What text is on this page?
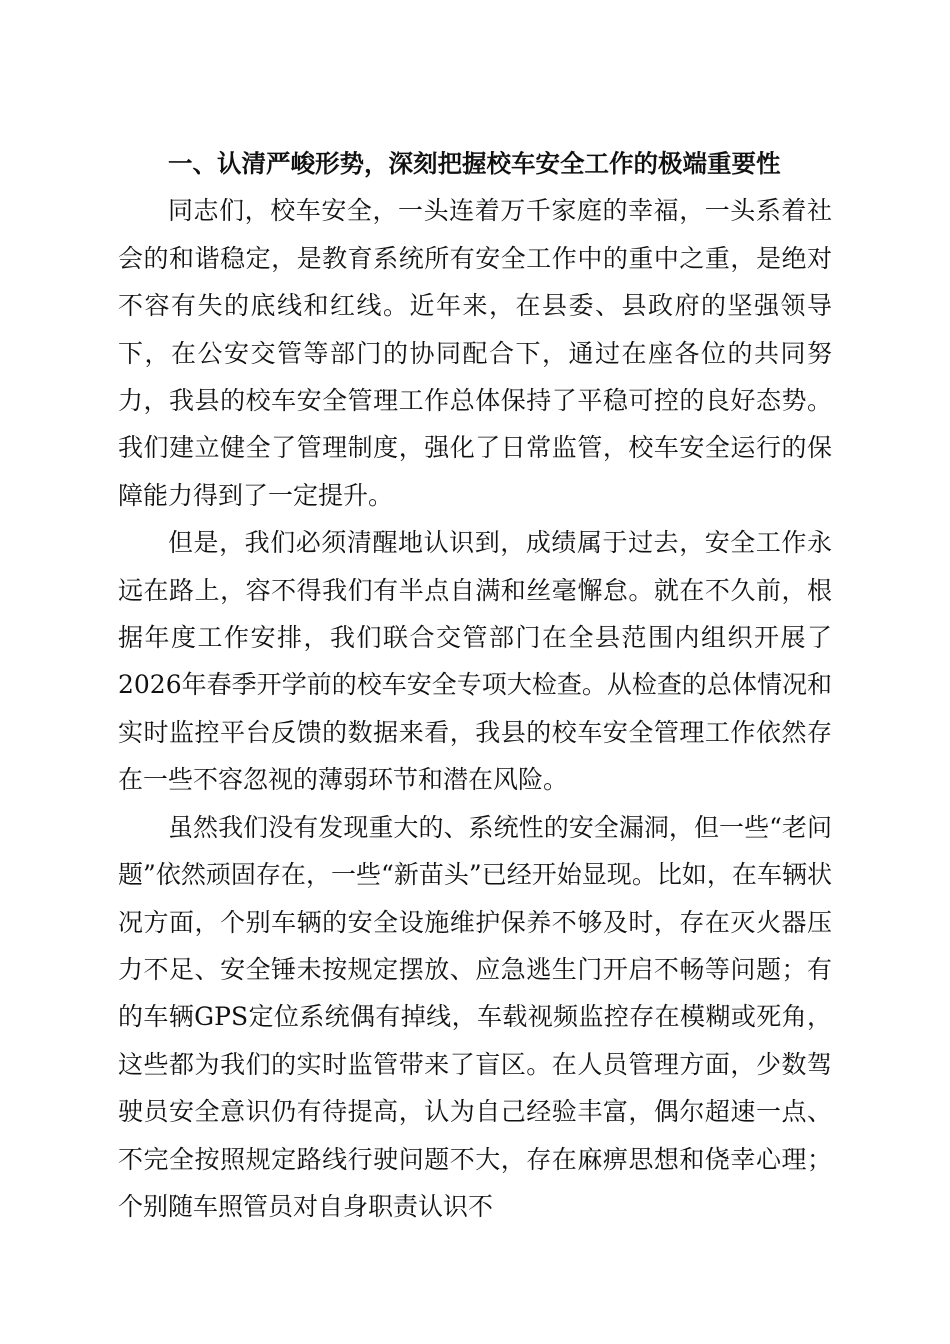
一、认清严峻形势，深刻把握校车安全工作的极端重要性

同志们，校车安全，一头连着万千家庭的幸福，一头系着社会的和谐稳定，是教育系统所有安全工作中的重中之重，是绝对不容有失的底线和红线。近年来，在县委、县政府的坚强领导下，在公安交管等部门的协同配合下，通过在座各位的共同努力，我县的校车安全管理工作总体保持了平稳可控的良好态势。我们建立健全了管理制度，强化了日常监管，校车安全运行的保障能力得到了一定提升。

但是，我们必须清醒地认识到，成绩属于过去，安全工作永远在路上，容不得我们有半点自满和丝毫懈怠。就在不久前，根据年度工作安排，我们联合交管部门在全县范围内组织开展了2026年春季开学前的校车安全专项大检查。从检查的总体情况和实时监控平台反馈的数据来看，我县的校车安全管理工作依然存在一些不容忽视的薄弱环节和潜在风险。

虽然我们没有发现重大的、系统性的安全漏洞，但一些“老问题”依然顽固存在，一些“新苗头”已经开始显现。比如，在车辆状况方面，个别车辆的安全设施维护保养不够及时，存在灭火器压力不足、安全锤未按规定摆放、应急逃生门开启不畅等问题；有的车辆GPS定位系统偶有掉线，车载视频监控存在模糊或死角，这些都为我们的实时监管带来了盲区。在人员管理方面，少数驾驶员安全意识仍有待提高，认为自己经验丰富，偶尔超速一点、不完全按照规定路线行驶问题不大，存在麻痹思想和侥幸心理；个别随车照管员对自身职责认识不
